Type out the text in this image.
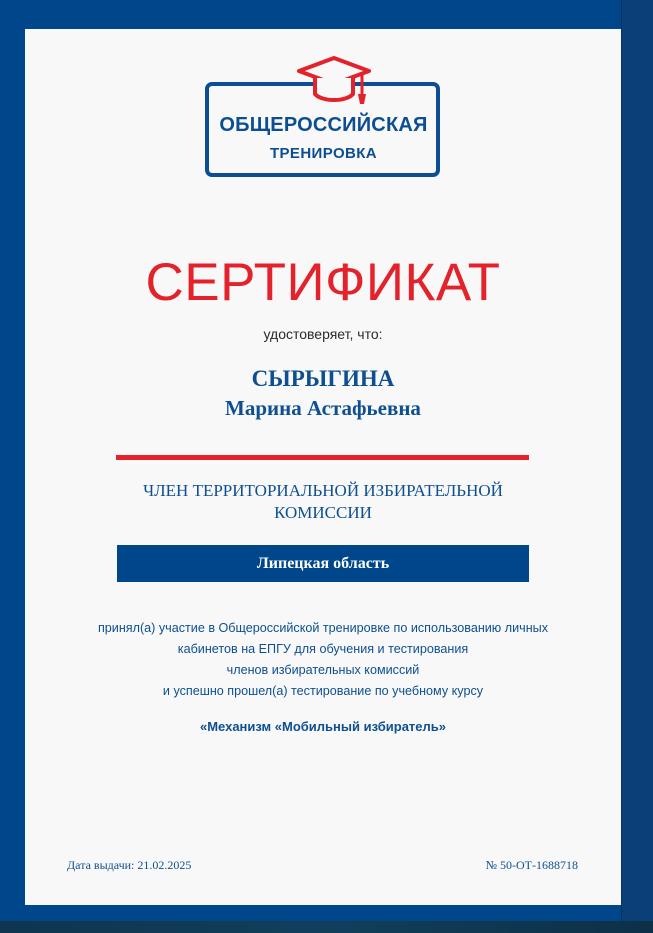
ОБЩЕРОССИЙСКАЯ
ТРЕНИРОВКА
СЕРТИФИКАТ
удостоверяет, что:
СЫРЫГИНА
Марина Астафьевна
ЧЛЕН ТЕРРИТОРИАЛЬНОЙ ИЗБИРАТЕЛЬНОЙ
КОМИССИИ
Липецкая область
принял(а) участие в Общероссийской тренировке по использованию личных
кабинетов на ЕПГУ для обучения и тестирования
членов избирательных комиссий
и успешно прошел(а) тестирование по учебному курсу
«Механизм «Мобильный избиратель»
Дата выдачи: 21.02.2025	№ 50-ОТ-1688718
